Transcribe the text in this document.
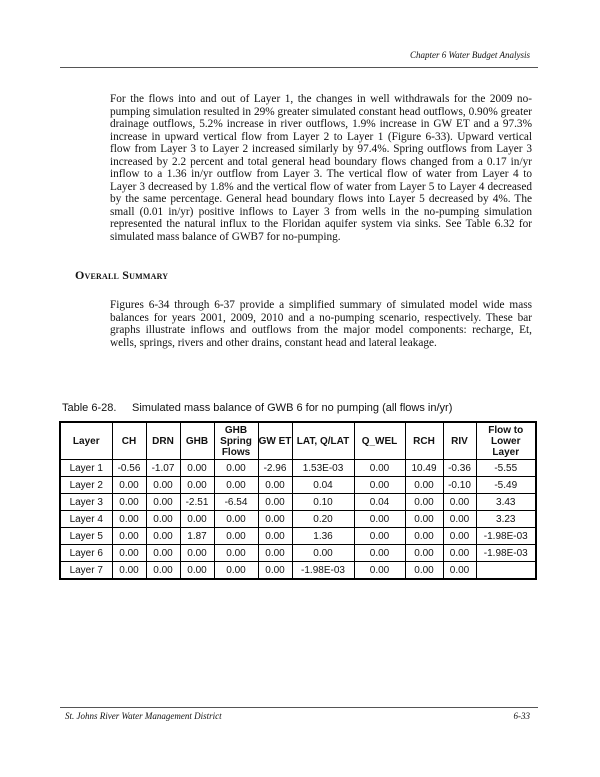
Chapter 6 Water Budget Analysis

For the flows into and out of Layer 1, the changes in well withdrawals for the 2009 no-pumping simulation resulted in 29% greater simulated constant head outflows, 0.90% greater drainage outflows, 5.2% increase in river outflows, 1.9% increase in GW ET and a 97.3% increase in upward vertical flow from Layer 2 to Layer 1 (Figure 6-33). Upward vertical flow from Layer 3 to Layer 2 increased similarly by 97.4%. Spring outflows from Layer 3 increased by 2.2 percent and total general head boundary flows changed from a 0.17 in/yr inflow to a 1.36 in/yr outflow from Layer 3. The vertical flow of water from Layer 4 to Layer 3 decreased by 1.8% and the vertical flow of water from Layer 5 to Layer 4 decreased by the same percentage. General head boundary flows into Layer 5 decreased by 4%. The small (0.01 in/yr) positive inflows to Layer 3 from wells in the no-pumping simulation represented the natural influx to the Floridan aquifer system via sinks. See Table 6.32 for simulated mass balance of GWB7 for no-pumping.

Overall Summary

Figures 6-34 through 6-37 provide a simplified summary of simulated model wide mass balances for years 2001, 2009, 2010 and a no-pumping scenario, respectively. These bar graphs illustrate inflows and outflows from the major model components: recharge, Et, wells, springs, rivers and other drains, constant head and lateral leakage.

Table 6-28. Simulated mass balance of GWB 6 for no pumping (all flows in/yr)
Layer	CH	DRN	GHB	GHB Spring Flows	GW ET	LAT, Q/LAT	Q_WEL	RCH	RIV	Flow to Lower Layer
Layer 1	-0.56	-1.07	0.00	0.00	-2.96	1.53E-03	0.00	10.49	-0.36	-5.55
Layer 2	0.00	0.00	0.00	0.00	0.00	0.04	0.00	0.00	-0.10	-5.49
Layer 3	0.00	0.00	-2.51	-6.54	0.00	0.10	0.04	0.00	0.00	3.43
Layer 4	0.00	0.00	0.00	0.00	0.00	0.20	0.00	0.00	0.00	3.23
Layer 5	0.00	0.00	1.87	0.00	0.00	1.36	0.00	0.00	0.00	-1.98E-03
Layer 6	0.00	0.00	0.00	0.00	0.00	0.00	0.00	0.00	0.00	-1.98E-03
Layer 7	0.00	0.00	0.00	0.00	0.00	-1.98E-03	0.00	0.00	0.00	
St. Johns River Water Management District	6-33
